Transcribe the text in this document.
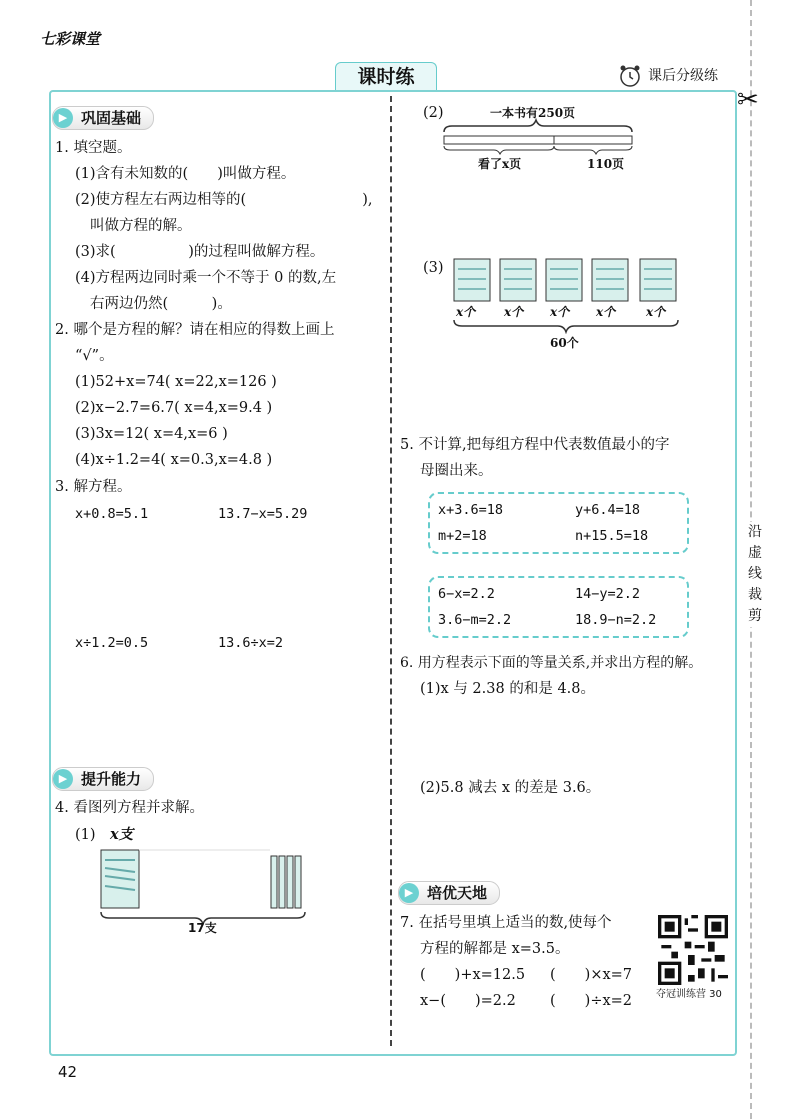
七彩课堂
课时练	课后分级练
✂
沿
虚
线
裁
剪
▶ 巩固基础
1. 填空题。
(1)含有未知数的(　　)叫做方程。
(2)使方程左右两边相等的(　　　　　　　　),
叫做方程的解。
(3)求(　　　　　)的过程叫做解方程。
(4)方程两边同时乘一个不等于 0 的数,左
右两边仍然(　　　)。
2. 哪个是方程的解？请在相应的得数上画上
“√”。
(1)52+x=74( x=22,x=126 )
(2)x−2.7=6.7( x=4,x=9.4 )
(3)3x=12( x=4,x=6 )
(4)x÷1.2=4( x=0.3,x=4.8 )
3. 解方程。
x+0.8=5.1	13.7−x=5.29
x÷1.2=0.5	13.6÷x=2
▶ 提升能力
4. 看图列方程并求解。
(1) x支
17支
(2)	一本书有250页
看了x页	110页
(3)
x个 x个 x个 x个	x个
60个
5. 不计算,把每组方程中代表数值最小的字
母圈出来。
x+3.6=18	y+6.4=18
m+2=18	n+15.5=18
6−x=2.2	14−y=2.2
3.6−m=2.2	18.9−n=2.2
6. 用方程表示下面的等量关系,并求出方程的解。
(1)x 与 2.38 的和是 4.8。
(2)5.8 减去 x 的差是 3.6。
▶ 培优天地
7. 在括号里填上适当的数,使每个
方程的解都是 x=3.5。
(　　)+x=12.5 (　　)×x=7
x−(　　)=2.2 (　　)÷x=2 夺冠训练营 30
42
